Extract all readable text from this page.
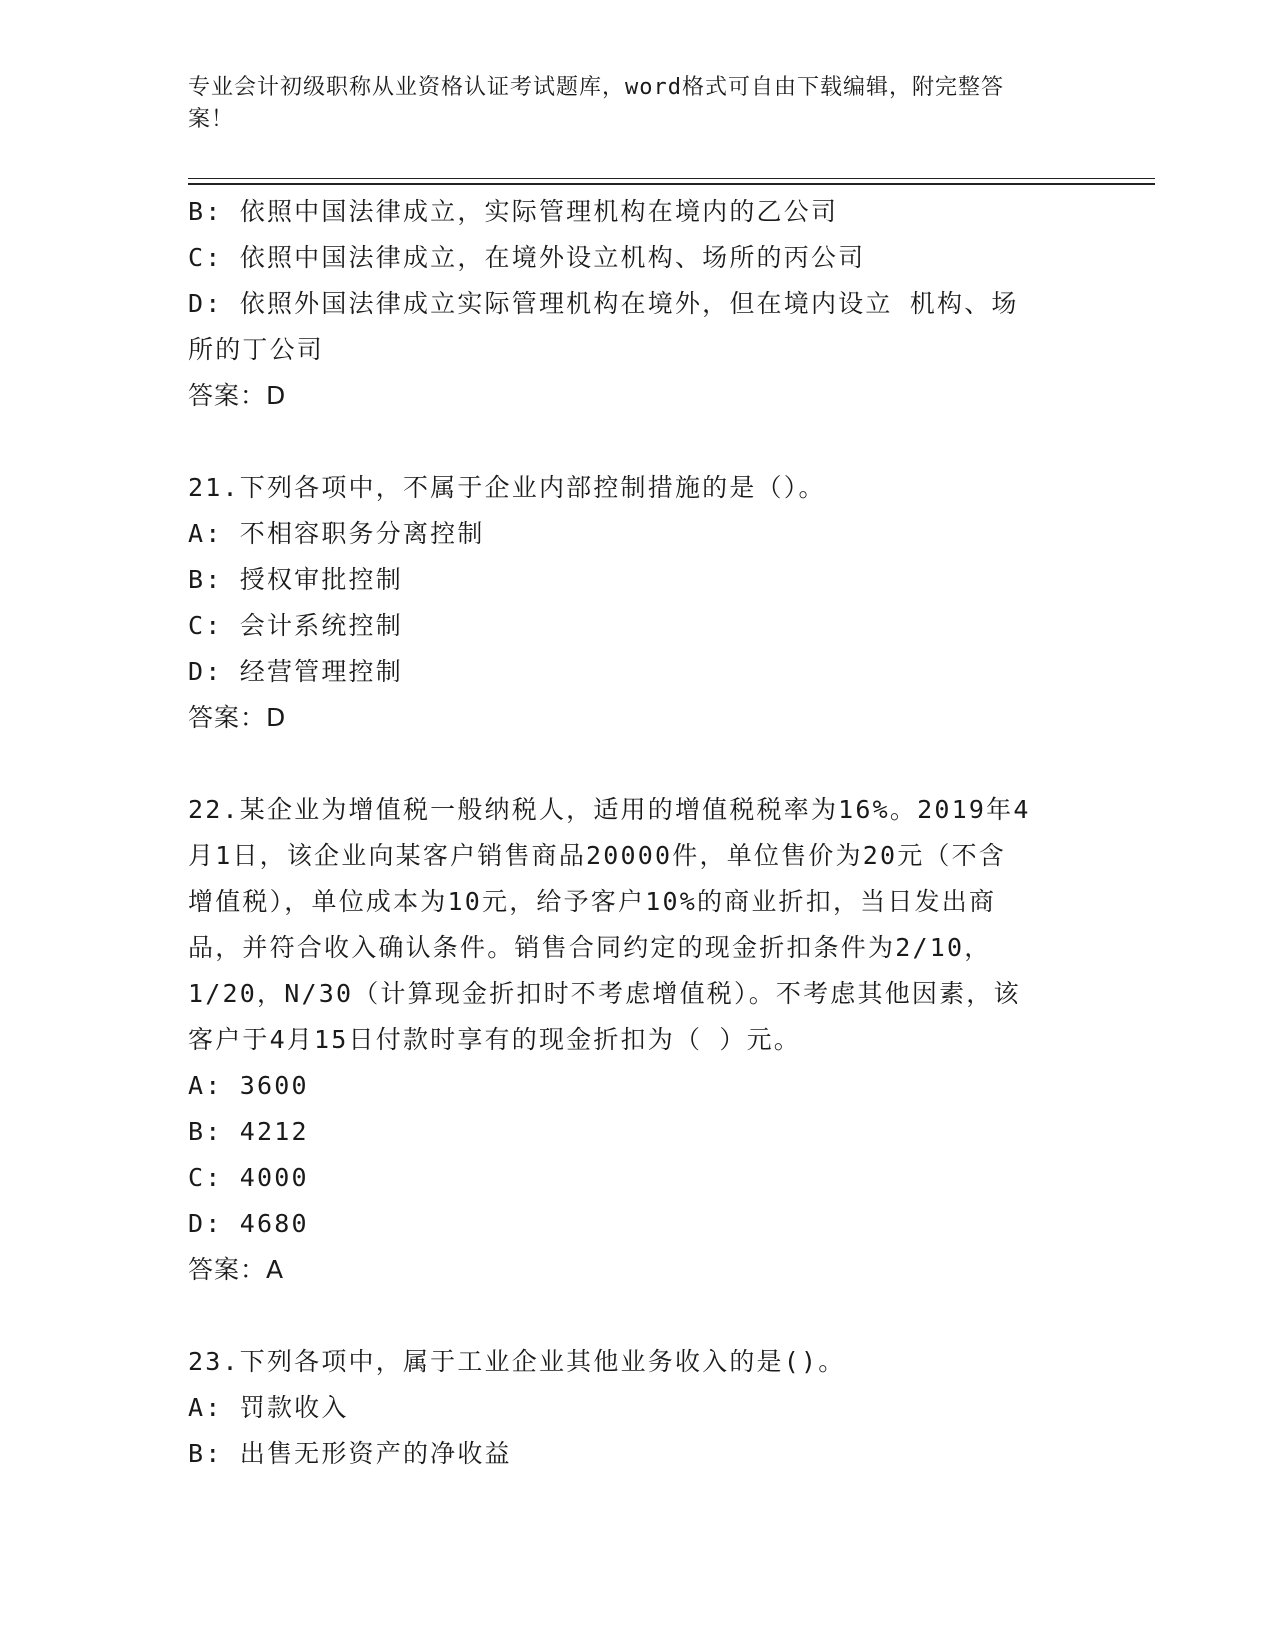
专业会计初级职称从业资格认证考试题库，word格式可自由下载编辑，附完整答
案！
B: 依照中国法律成立，实际管理机构在境内的乙公司
C: 依照中国法律成立，在境外设立机构、场所的丙公司
D: 依照外国法律成立实际管理机构在境外，但在境内设立 机构、场
所的丁公司
答案：D
21.下列各项中，不属于企业内部控制措施的是（）。
A: 不相容职务分离控制
B: 授权审批控制
C: 会计系统控制
D: 经营管理控制
答案：D
22.某企业为增值税一般纳税人，适用的增值税税率为16%。2019年4
月1日，该企业向某客户销售商品20000件，单位售价为20元（不含
增值税），单位成本为10元，给予客户10%的商业折扣，当日发出商
品，并符合收入确认条件。销售合同约定的现金折扣条件为2/10，
1/20，N/30（计算现金折扣时不考虑增值税）。不考虑其他因素，该
客户于4月15日付款时享有的现金折扣为（ ）元。
A: 3600
B: 4212
C: 4000
D: 4680
答案：A
23.下列各项中，属于工业企业其他业务收入的是()。
A: 罚款收入
B: 出售无形资产的净收益
